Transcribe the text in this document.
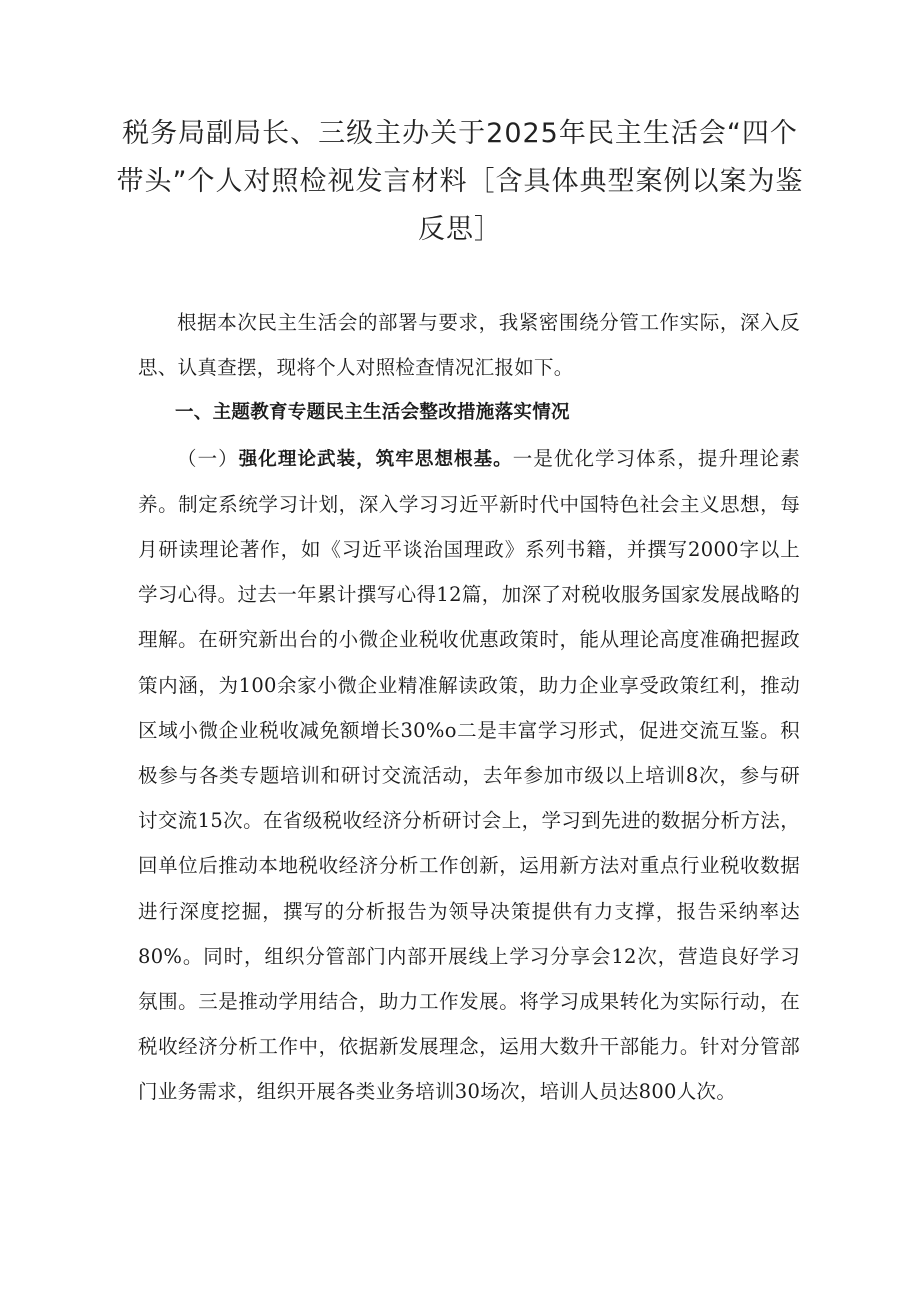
税务局副局长、三级主办关于2025年民主生活会“四个带头”个人对照检视发言材料［含具体典型案例以案为鉴反思］

根据本次民主生活会的部署与要求，我紧密围绕分管工作实际，深入反思、认真查摆，现将个人对照检查情况汇报如下。

一、主题教育专题民主生活会整改措施落实情况

（一）强化理论武装，筑牢思想根基。一是优化学习体系，提升理论素养。制定系统学习计划，深入学习习近平新时代中国特色社会主义思想，每月研读理论著作，如《习近平谈治国理政》系列书籍，并撰写2000字以上学习心得。过去一年累计撰写心得12篇，加深了对税收服务国家发展战略的理解。在研究新出台的小微企业税收优惠政策时，能从理论高度准确把握政策内涵，为100余家小微企业精准解读政策，助力企业享受政策红利，推动区域小微企业税收减免额增长30%o二是丰富学习形式，促进交流互鉴。积极参与各类专题培训和研讨交流活动，去年参加市级以上培训8次，参与研讨交流15次。在省级税收经济分析研讨会上，学习到先进的数据分析方法，回单位后推动本地税收经济分析工作创新，运用新方法对重点行业税收数据进行深度挖掘，撰写的分析报告为领导决策提供有力支撑，报告采纳率达80%。同时，组织分管部门内部开展线上学习分享会12次，营造良好学习氛围。三是推动学用结合，助力工作发展。将学习成果转化为实际行动，在税收经济分析工作中，依据新发展理念，运用大数升干部能力。针对分管部门业务需求，组织开展各类业务培训30场次，培训人员达800人次。
